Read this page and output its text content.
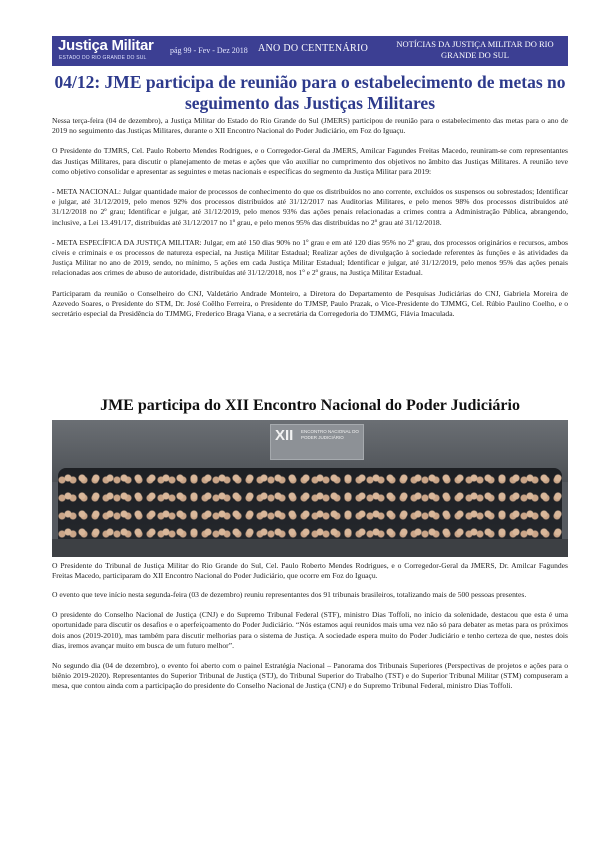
Justiça Militar
ESTADO DO RIO GRANDE DO SUL
pág 99 - Fev - Dez 2018 ANO DO CENTENÁRIO	NOTÍCIAS DA JUSTIÇA MILITAR DO RIO GRANDE DO SUL
04/12: JME participa de reunião para o estabelecimento de metas no seguimento das Justiças Militares

Nessa terça-feira (04 de dezembro), a Justiça Militar do Estado do Rio Grande do Sul (JMERS) participou de reunião para o estabelecimento das metas para o ano de 2019 no seguimento das Justiças Militares, durante o XII Encontro Nacional do Poder Judiciário, em Foz do Iguaçu.

O Presidente do TJMRS, Cel. Paulo Roberto Mendes Rodrigues, e o Corregedor-Geral da JMERS, Amilcar Fagundes Freitas Macedo, reuniram-se com representantes das Justiças Militares, para discutir o planejamento de metas e ações que vão auxiliar no cumprimento dos objetivos no âmbito das Justiças Militares. A reunião teve como objetivo consolidar e apresentar as seguintes e metas nacionais e específicas do segmento da Justiça Militar para 2019:

- META NACIONAL: Julgar quantidade maior de processos de conhecimento do que os distribuídos no ano corrente, excluídos os suspensos ou sobrestados; Identificar e julgar, até 31/12/2019, pelo menos 92% dos processos distribuídos até 31/12/2017 nas Auditorias Militares, e pelo menos 98% dos processos distribuídos até 31/12/2018 no 2º grau; Identificar e julgar, até 31/12/2019, pelo menos 93% das ações penais relacionadas a crimes contra a Administração Pública, abrangendo, inclusive, a Lei 13.491/17, distribuídas até 31/12/2017 no 1º grau, e pelo menos 95% das distribuídas no 2º grau até 31/12/2018.

- META ESPECÍFICA DA JUSTIÇA MILITAR: Julgar, em até 150 dias 90% no 1º grau e em até 120 dias 95% no 2º grau, dos processos originários e recursos, ambos cíveis e criminais e os processos de natureza especial, na Justiça Militar Estadual; Realizar ações de divulgação à sociedade referentes às funções e às atividades da Justiça Militar no ano de 2019, sendo, no mínimo, 5 ações em cada Justiça Militar Estadual; Identificar e julgar, até 31/12/2019, pelo menos 95% das ações penais relacionadas aos crimes de abuso de autoridade, distribuídas até 31/12/2018, nos 1º e 2º graus, na Justiça Militar Estadual.

Participaram da reunião o Conselheiro do CNJ, Valdetário Andrade Monteiro, a Diretora do Departamento de Pesquisas Judiciárias do CNJ, Gabriela Moreira de Azevedo Soares, o Presidente do STM, Dr. José Coêlho Ferreira, o Presidente do TJMSP, Paulo Prazak, o Vice-Presidente do TJMMG, Cel. Rúbio Paulino Coelho, e o secretário especial da Presidência do TJMMG, Frederico Braga Viana, e a secretária da Corregedoria do TJMMG, Flávia Imaculada.

JME participa do XII Encontro Nacional do Poder Judiciário
XII ENCONTRO NACIONAL DO PODER JUDICIÁRIO
O Presidente do Tribunal de Justiça Militar do Rio Grande do Sul, Cel. Paulo Roberto Mendes Rodrigues, e o Corregedor-Geral da JMERS, Dr. Amilcar Fagundes Freitas Macedo, participaram do XII Encontro Nacional do Poder Judiciário, que ocorre em Foz do Iguaçu.

O evento que teve início nesta segunda-feira (03 de dezembro) reuniu representantes dos 91 tribunais brasileiros, totalizando mais de 500 pessoas presentes.

O presidente do Conselho Nacional de Justiça (CNJ) e do Supremo Tribunal Federal (STF), ministro Dias Toffoli, no início da solenidade, destacou que esta é uma oportunidade para discutir os desafios e o aperfeiçoamento do Poder Judiciário. “Nós estamos aqui reunidos mais uma vez não só para debater as metas para os próximos dois anos (2019-2010), mas também para discutir melhorias para o sistema de Justiça. A sociedade espera muito do Poder Judiciário e tenho certeza de que, nestes dois dias, iremos avançar muito em busca de um futuro melhor”.

No segundo dia (04 de dezembro), o evento foi aberto com o painel Estratégia Nacional – Panorama dos Tribunais Superiores (Perspectivas de projetos e ações para o biênio 2019-2020). Representantes do Superior Tribunal de Justiça (STJ), do Tribunal Superior do Trabalho (TST) e do Superior Tribunal Militar (STM) compuseram a mesa, que contou ainda com a participação do presidente do Conselho Nacional de Justiça (CNJ) e do Supremo Tribunal Federal, ministro Dias Toffoli.
